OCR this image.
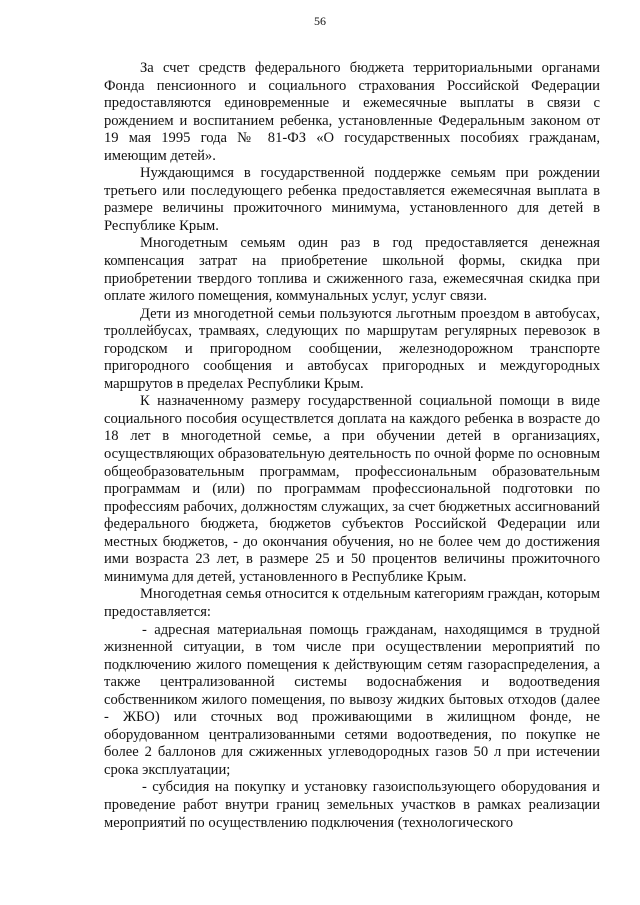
56

За счет средств федерального бюджета территориальными органами Фонда пенсионного и социального страхования Российской Федерации предоставляются единовременные и ежемесячные выплаты в связи с рождением и воспитанием ребенка, установленные Федеральным законом от 19 мая 1995 года № 81-ФЗ «О государственных пособиях гражданам, имеющим детей».

Нуждающимся в государственной поддержке семьям при рождении третьего или последующего ребенка предоставляется ежемесячная выплата в размере величины прожиточного минимума, установленного для детей в Республике Крым.

Многодетным семьям один раз в год предоставляется денежная компенсация затрат на приобретение школьной формы, скидка при приобретении твердого топлива и сжиженного газа, ежемесячная скидка при оплате жилого помещения, коммунальных услуг, услуг связи.

Дети из многодетной семьи пользуются льготным проездом в автобусах, троллейбусах, трамваях, следующих по маршрутам регулярных перевозок в городском и пригородном сообщении, железнодорожном транспорте пригородного сообщения и автобусах пригородных и междугородных маршрутов в пределах Республики Крым.

К назначенному размеру государственной социальной помощи в виде социального пособия осуществлется доплата на каждого ребенка в возрасте до 18 лет в многодетной семье, а при обучении детей в организациях, осуществляющих образовательную деятельность по очной форме по основным общеобразовательным программам, профессиональным образовательным программам и (или) по программам профессиональной подготовки по профессиям рабочих, должностям служащих, за счет бюджетных ассигнований федерального бюджета, бюджетов субъектов Российской Федерации или местных бюджетов, - до окончания обучения, но не более чем до достижения ими возраста 23 лет, в размере 25 и 50 процентов величины прожиточного минимума для детей, установленного в Республике Крым.

Многодетная семья относится к отдельным категориям граждан, которым предоставляется:

- адресная материальная помощь гражданам, находящимся в трудной жизненной ситуации, в том числе при осуществлении мероприятий по подключению жилого помещения к действующим сетям газораспределения, а также централизованной системы водоснабжения и водоотведения собственником жилого помещения, по вывозу жидких бытовых отходов (далее - ЖБО) или сточных вод проживающими в жилищном фонде, не оборудованном централизованными сетями водоотведения, по покупке не более 2 баллонов для сжиженных углеводородных газов 50 л при истечении срока эксплуатации;

- субсидия на покупку и установку газоиспользующего оборудования и проведение работ внутри границ земельных участков в рамках реализации мероприятий по осуществлению подключения (технологического
